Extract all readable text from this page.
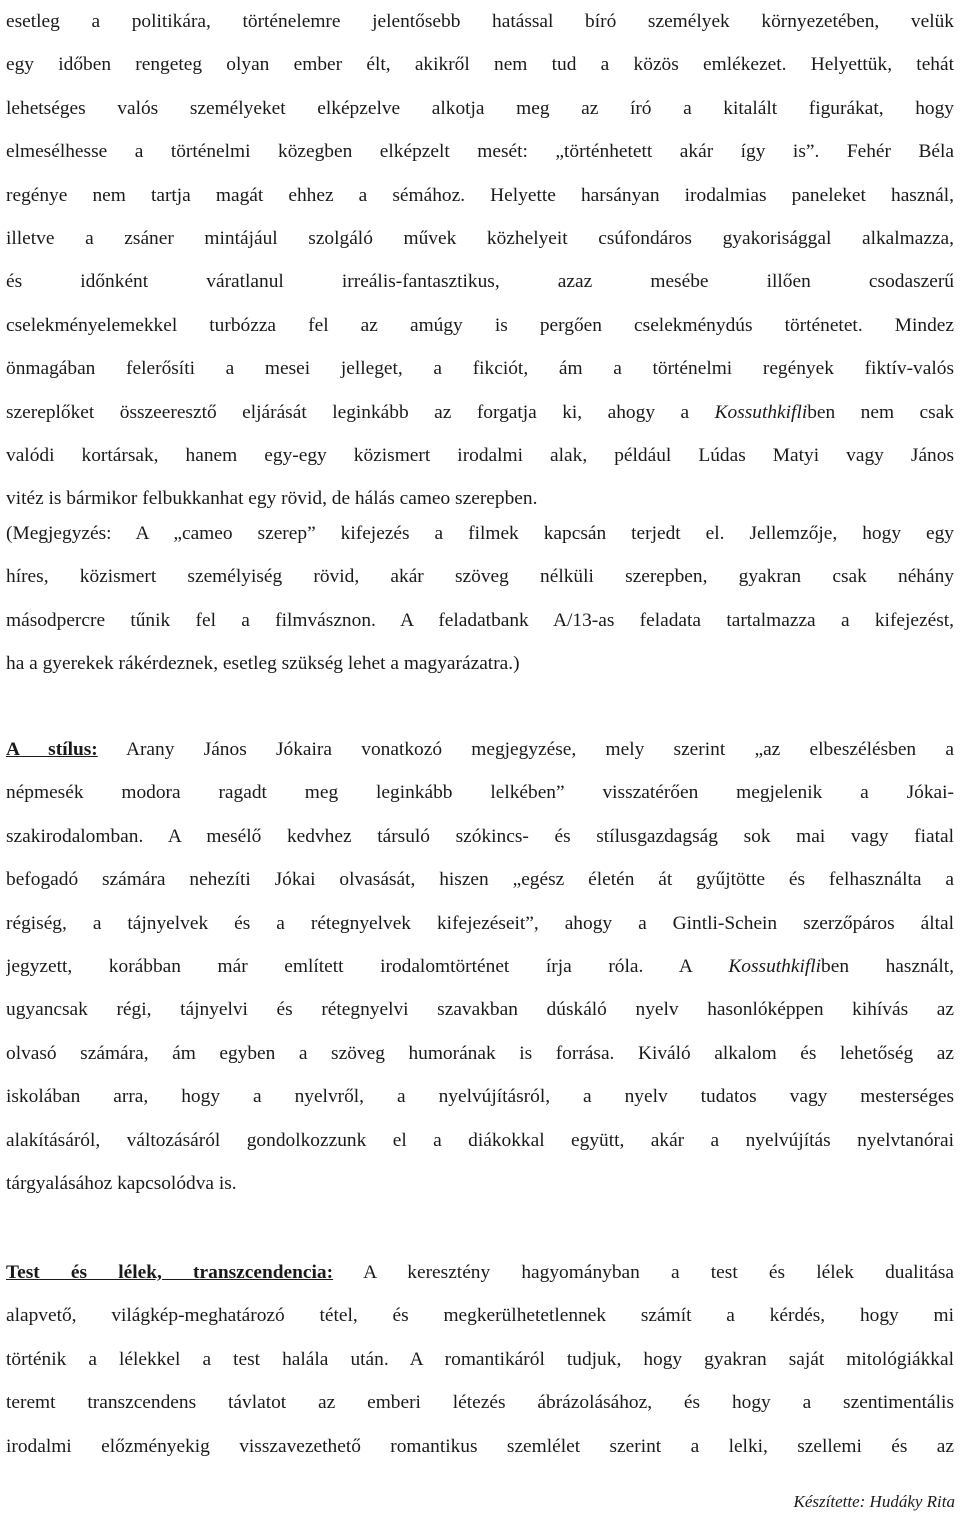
esetleg a politikára, történelemre jelentősebb hatással bíró személyek környezetében, velük
egy időben rengeteg olyan ember élt, akikről nem tud a közös emlékezet. Helyettük, tehát
lehetséges valós személyeket elképzelve alkotja meg az író a kitalált figurákat, hogy
elmesélhesse a történelmi közegben elképzelt mesét: „történhetett akár így is”. Fehér Béla
regénye nem tartja magát ehhez a sémához. Helyette harsányan irodalmias paneleket használ,
illetve a zsáner mintájául szolgáló művek közhelyeit csúfondáros gyakorisággal alkalmazza,
és időnként váratlanul irreális-fantasztikus, azaz mesébe illően csodaszerű
cselekményelemekkel turbózza fel az amúgy is pergően cselekménydús történetet. Mindez
önmagában felerősíti a mesei jelleget, a fikciót, ám a történelmi regények fiktív-valós
szereplőket összeeresztő eljárását leginkább az forgatja ki, ahogy a Kossuthkifliben nem csak
valódi kortársak, hanem egy-egy közismert irodalmi alak, például Lúdas Matyi vagy János
vitéz is bármikor felbukkanhat egy rövid, de hálás cameo szerepben.
(Megjegyzés: A „cameo szerep” kifejezés a filmek kapcsán terjedt el. Jellemzője, hogy egy
híres, közismert személyiség rövid, akár szöveg nélküli szerepben, gyakran csak néhány
másodpercre tűnik fel a filmvásznon. A feladatbank A/13-as feladata tartalmazza a kifejezést,
ha a gyerekek rákérdeznek, esetleg szükség lehet a magyarázatra.)
A stílus: Arany János Jókaira vonatkozó megjegyzése, mely szerint „az elbeszélésben a
népmesék modora ragadt meg leginkább lelkében” visszatérően megjelenik a Jókai-
szakirodalomban. A mesélő kedvhez társuló szókincs- és stílusgazdagság sok mai vagy fiatal
befogadó számára nehezíti Jókai olvasását, hiszen „egész életén át gyűjtötte és felhasználta a
régiség, a tájnyelvek és a rétegnyelvek kifejezéseit”, ahogy a Gintli-Schein szerzőpáros által
jegyzett, korábban már említett irodalomtörténet írja róla. A Kossuthkifliben használt,
ugyancsak régi, tájnyelvi és rétegnyelvi szavakban dúskáló nyelv hasonlóképpen kihívás az
olvasó számára, ám egyben a szöveg humorának is forrása. Kiváló alkalom és lehetőség az
iskolában arra, hogy a nyelvről, a nyelvújításról, a nyelv tudatos vagy mesterséges
alakításáról, változásáról gondolkozzunk el a diákokkal együtt, akár a nyelvújítás nyelvtanórai
tárgyalásához kapcsolódva is.
Test és lélek, transzcendencia: A keresztény hagyományban a test és lélek dualitása
alapvető, világkép-meghatározó tétel, és megkerülhetetlennek számít a kérdés, hogy mi
történik a lélekkel a test halála után. A romantikáról tudjuk, hogy gyakran saját mitológiákkal
teremt transzcendens távlatot az emberi létezés ábrázolásához, és hogy a szentimentális
irodalmi előzményekig visszavezethető romantikus szemlélet szerint a lelki, szellemi és az
Készítette: Hudáky Rita
